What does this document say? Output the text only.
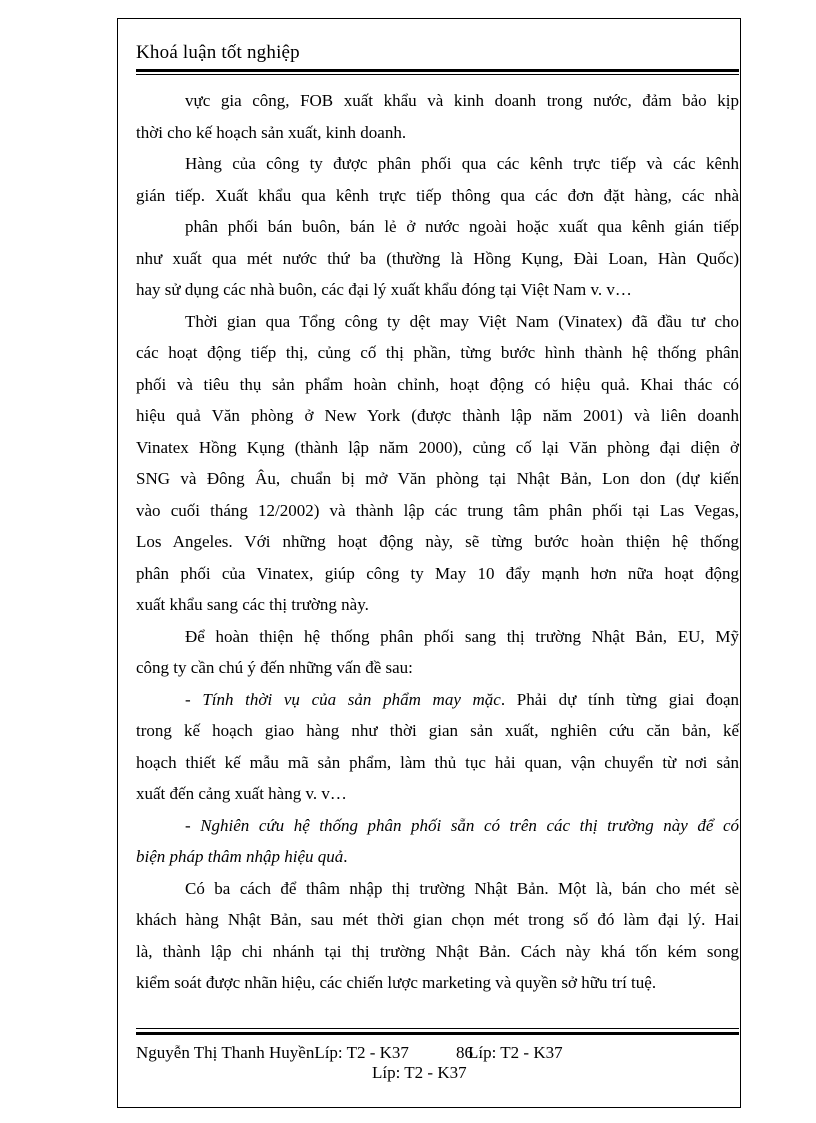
Khoá luận tốt nghiệp
vực gia công, FOB xuất khẩu và kinh doanh trong nước, đảm bảo kịp
thời cho kế hoạch sản xuất, kinh doanh.
Hàng của công ty được phân phối qua các kênh trực tiếp và các kênh
gián tiếp. Xuất khẩu qua kênh trực tiếp thông qua các đơn đặt hàng, các nhà
phân phối bán buôn, bán lẻ ở nước ngoài hoặc xuất qua kênh gián tiếp
như xuất qua mét nước thứ ba (thường là Hồng Kụng, Đài Loan, Hàn Quốc)
hay sử dụng các nhà buôn, các đại lý xuất khẩu đóng tại Việt Nam v. v…
Thời gian qua Tổng công ty dệt may Việt Nam (Vinatex) đã đầu tư cho
các hoạt động tiếp thị, củng cố thị phần, từng bước hình thành hệ thống phân
phối và tiêu thụ sản phẩm hoàn chỉnh, hoạt động có hiệu quả. Khai thác có
hiệu quả Văn phòng ở New York (được thành lập năm 2001) và liên doanh
Vinatex Hồng Kụng (thành lập năm 2000), củng cố lại Văn phòng đại diện ở
SNG và Đông Âu, chuẩn bị mở Văn phòng tại Nhật Bản, Lon don (dự kiến
vào cuối tháng 12/2002) và thành lập các trung tâm phân phối tại Las Vegas,
Los Angeles. Với những hoạt động này, sẽ từng bước hoàn thiện hệ thống
phân phối của Vinatex, giúp công ty May 10 đẩy mạnh hơn nữa hoạt động
xuất khẩu sang các thị trường này.
Để hoàn thiện hệ thống phân phối sang thị trường Nhật Bản, EU, Mỹ
công ty cần chú ý đến những vấn đề sau:
- Tính thời vụ của sản phẩm may mặc. Phải dự tính từng giai đoạn
trong kế hoạch giao hàng như thời gian sản xuất, nghiên cứu căn bản, kế
hoạch thiết kế mẫu mã sản phẩm, làm thủ tục hải quan, vận chuyển từ nơi sản
xuất đến cảng xuất hàng v. v…
- Nghiên cứu hệ thống phân phối sẵn có trên các thị trường này để có
biện pháp thâm nhập hiệu quả.
Có ba cách để thâm nhập thị trường Nhật Bản. Một là, bán cho mét sè
khách hàng Nhật Bản, sau mét thời gian chọn mét trong số đó làm đại lý. Hai
là, thành lập chi nhánh tại thị trường Nhật Bản. Cách này khá tốn kém song
kiểm soát được nhãn hiệu, các chiến lược marketing và quyền sở hữu trí tuệ.
Nguyễn Thị Thanh HuyềnLíp: T2 - K37	86
Líp: T2 - K37
Líp: T2 - K37
